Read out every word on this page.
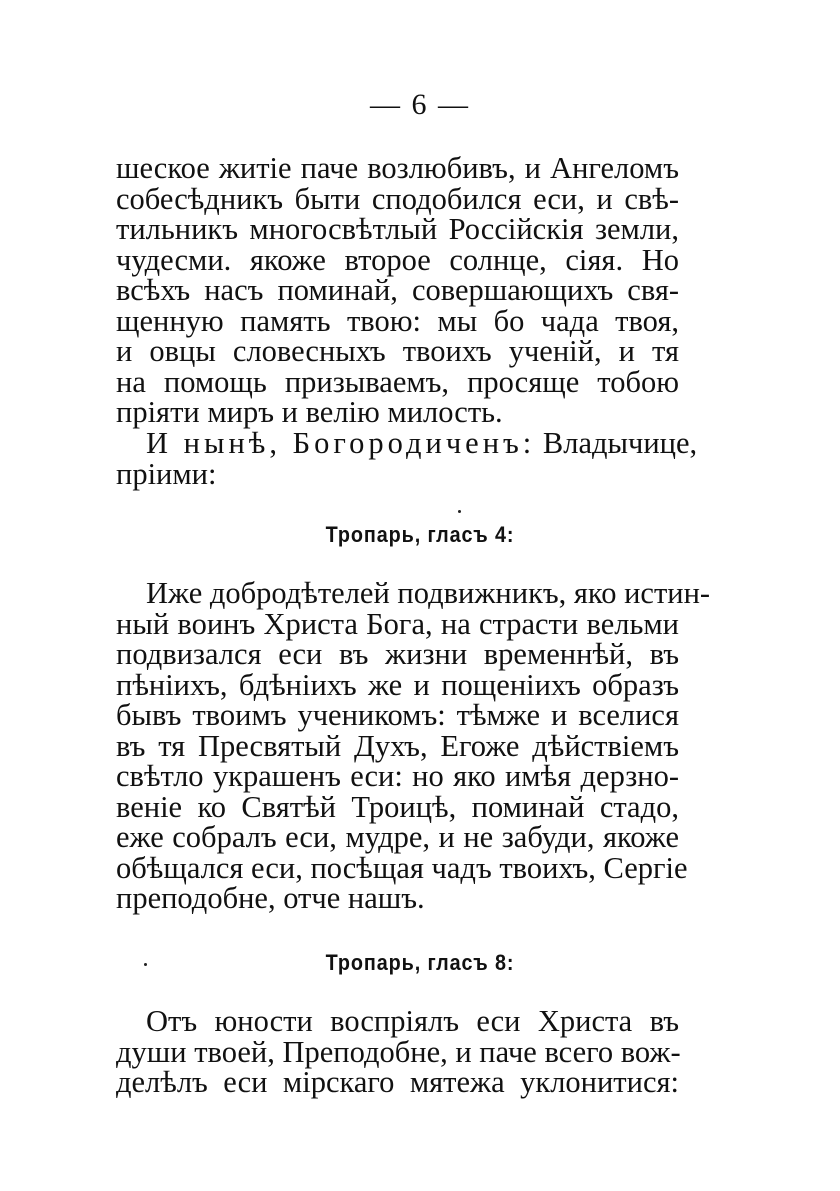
— 6 —
шеское житіе паче возлюбивъ, и Ангеломъ
собесѣдникъ быти сподобился еси, и свѣ-
тильникъ многосвѣтлый Россійскія земли,
чудесми. якоже второе солнце, сіяя. Но
всѣхъ насъ поминай, совершающихъ свя-
щенную память твою: мы бо чада твоя,
и овцы словесныхъ твоихъ ученій, и тя
на помощь призываемъ, просяще тобою
пріяти миръ и велію милость.
И нынѣ, Богородиченъ: Владычице,
пріими:
Тропарь, гласъ 4:
Иже добродѣтелей подвижникъ, яко истин-
ный воинъ Христа Бога, на страсти вельми
подвизался еси въ жизни временнѣй, въ
пѣніихъ, бдѣніихъ же и пощеніихъ образъ
бывъ твоимъ ученикомъ: тѣмже и вселися
въ тя Пресвятый Духъ, Егоже дѣйствіемъ
свѣтло украшенъ еси: но яко имѣя дерзно-
веніе ко Святѣй Троицѣ, поминай стадо,
еже собралъ еси, мудре, и не забуди, якоже
обѣщался еси, посѣщая чадъ твоихъ, Сергіе
преподобне, отче нашъ.
Тропарь, гласъ 8:
Отъ юности воспріялъ еси Христа въ
души твоей, Преподобне, и паче всего вож-
делѣлъ еси мірскаго мятежа уклонитися:
